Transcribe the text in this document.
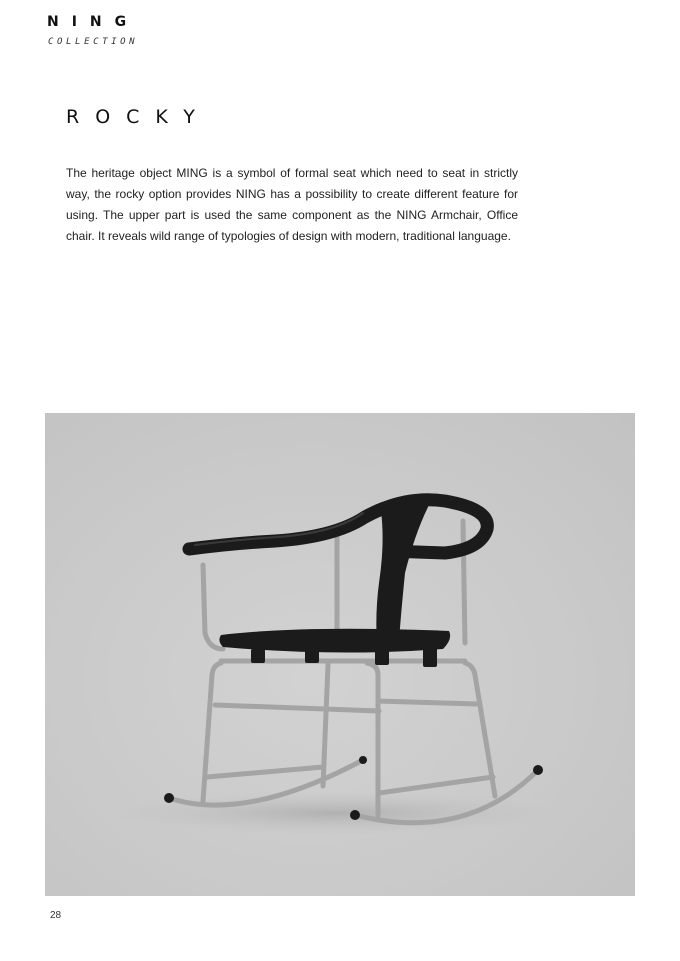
NING
COLLECTION
ROCKY

The heritage object MING is a symbol of formal seat which need to seat in strictly way, the rocky option provides NING has a possibility to create different feature for using. The upper part is used the same component as the NING Armchair, Office chair. It reveals wild range of typologies of design with modern, traditional language.

28
